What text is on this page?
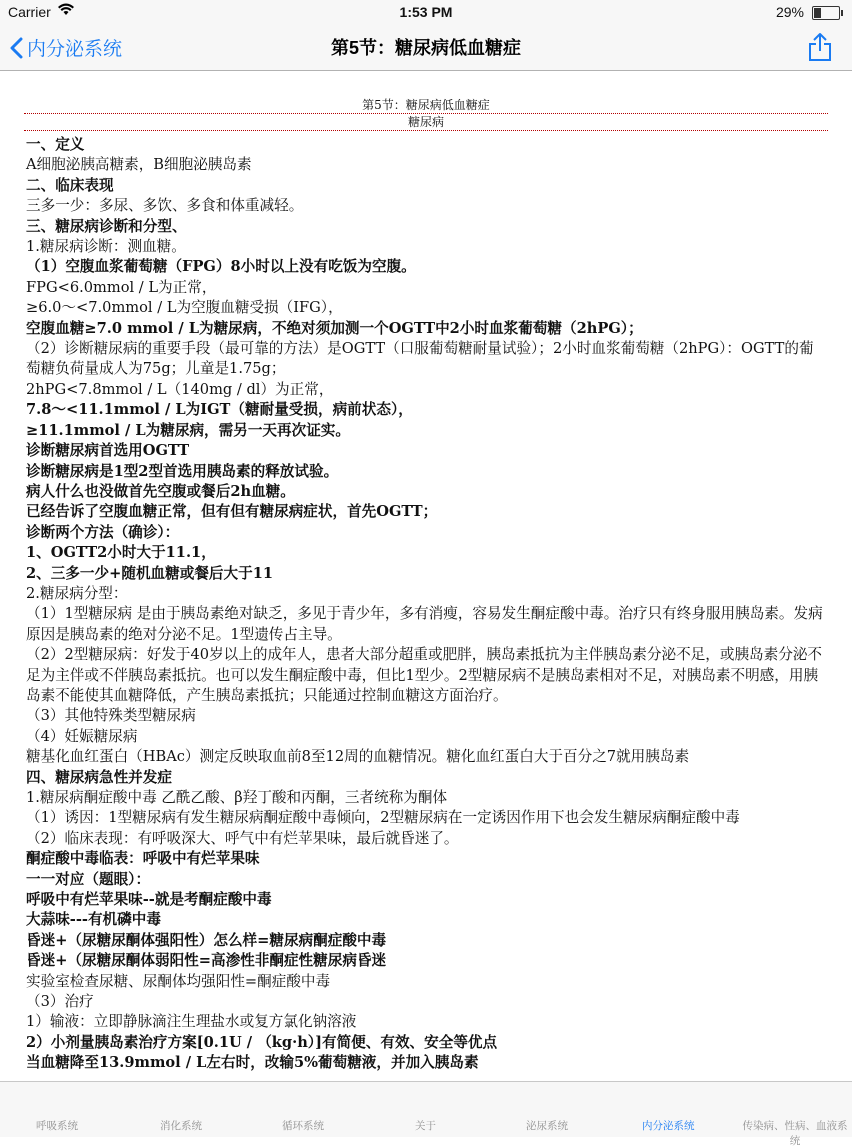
Carrier	1:53 PM	29%
内分泌系统	第5节：糖尿病低血糖症
第5节：糖尿病低血糖症
糖尿病

一、定义

A细胞泌胰高糖素，B细胞泌胰岛素

二、临床表现

三多一少：多尿、多饮、多食和体重减轻。

三、糖尿病诊断和分型、

1.糖尿病诊断：测血糖。

（1）空腹血浆葡萄糖（FPG）8小时以上没有吃饭为空腹。

FPG<6.0mmol / L为正常，

≥6.0～<7.0mmol / L为空腹血糖受损（IFG），

空腹血糖≥7.0 mmol / L为糖尿病，不绝对须加测一个OGTT中2小时血浆葡萄糖（2hPG）；

（2）诊断糖尿病的重要手段（最可靠的方法）是OGTT（口服葡萄糖耐量试验）；2小时血浆葡萄糖（2hPG）：OGTT的葡萄糖负荷量成人为75g；儿童是1.75g；

2hPG<7.8mmol / L（140mg / dl）为正常，

7.8～<11.1mmol / L为IGT（糖耐量受损，病前状态），

≥11.1mmol / L为糖尿病，需另一天再次证实。

诊断糖尿病首选用OGTT

诊断糖尿病是1型2型首选用胰岛素的释放试验。

病人什么也没做首先空腹或餐后2h血糖。

已经告诉了空腹血糖正常，但有但有糖尿病症状，首先OGTT；

诊断两个方法（确诊）：

1、OGTT2小时大于11.1，

2、三多一少+随机血糖或餐后大于11

2.糖尿病分型：

（1）1型糖尿病 是由于胰岛素绝对缺乏，多见于青少年，多有消瘦，容易发生酮症酸中毒。治疗只有终身服用胰岛素。发病原因是胰岛素的绝对分泌不足。1型遗传占主导。

（2）2型糖尿病：好发于40岁以上的成年人，患者大部分超重或肥胖，胰岛素抵抗为主伴胰岛素分泌不足，或胰岛素分泌不足为主伴或不伴胰岛素抵抗。也可以发生酮症酸中毒，但比1型少。2型糖尿病不是胰岛素相对不足，对胰岛素不明感，用胰岛素不能使其血糖降低，产生胰岛素抵抗；只能通过控制血糖这方面治疗。

（3）其他特殊类型糖尿病

（4）妊娠糖尿病

糖基化血红蛋白（HBAc）测定反映取血前8至12周的血糖情况。糖化血红蛋白大于百分之7就用胰岛素

四、糖尿病急性并发症

1.糖尿病酮症酸中毒 乙酰乙酸、β羟丁酸和丙酮，三者统称为酮体

（1）诱因：1型糖尿病有发生糖尿病酮症酸中毒倾向，2型糖尿病在一定诱因作用下也会发生糖尿病酮症酸中毒

（2）临床表现：有呼吸深大、呼气中有烂苹果味，最后就昏迷了。

酮症酸中毒临表：呼吸中有烂苹果味

一一对应（题眼）：

呼吸中有烂苹果味--就是考酮症酸中毒

大蒜味---有机磷中毒

昏迷+（尿糖尿酮体强阳性）怎么样=糖尿病酮症酸中毒

昏迷+（尿糖尿酮体弱阳性=高渗性非酮症性糖尿病昏迷

实验室检查尿糖、尿酮体均强阳性=酮症酸中毒

（3）治疗

1）输液：立即静脉滴注生理盐水或复方氯化钠溶液

2）小剂量胰岛素治疗方案[0.1U / （kg·h）]有简便、有效、安全等优点

当血糖降至13.9mmol / L左右时，改输5%葡萄糖液，并加入胰岛素

呼吸系统	消化系统	循环系统	关于	泌尿系统	内分泌系统	传染病、性病、血液系统
